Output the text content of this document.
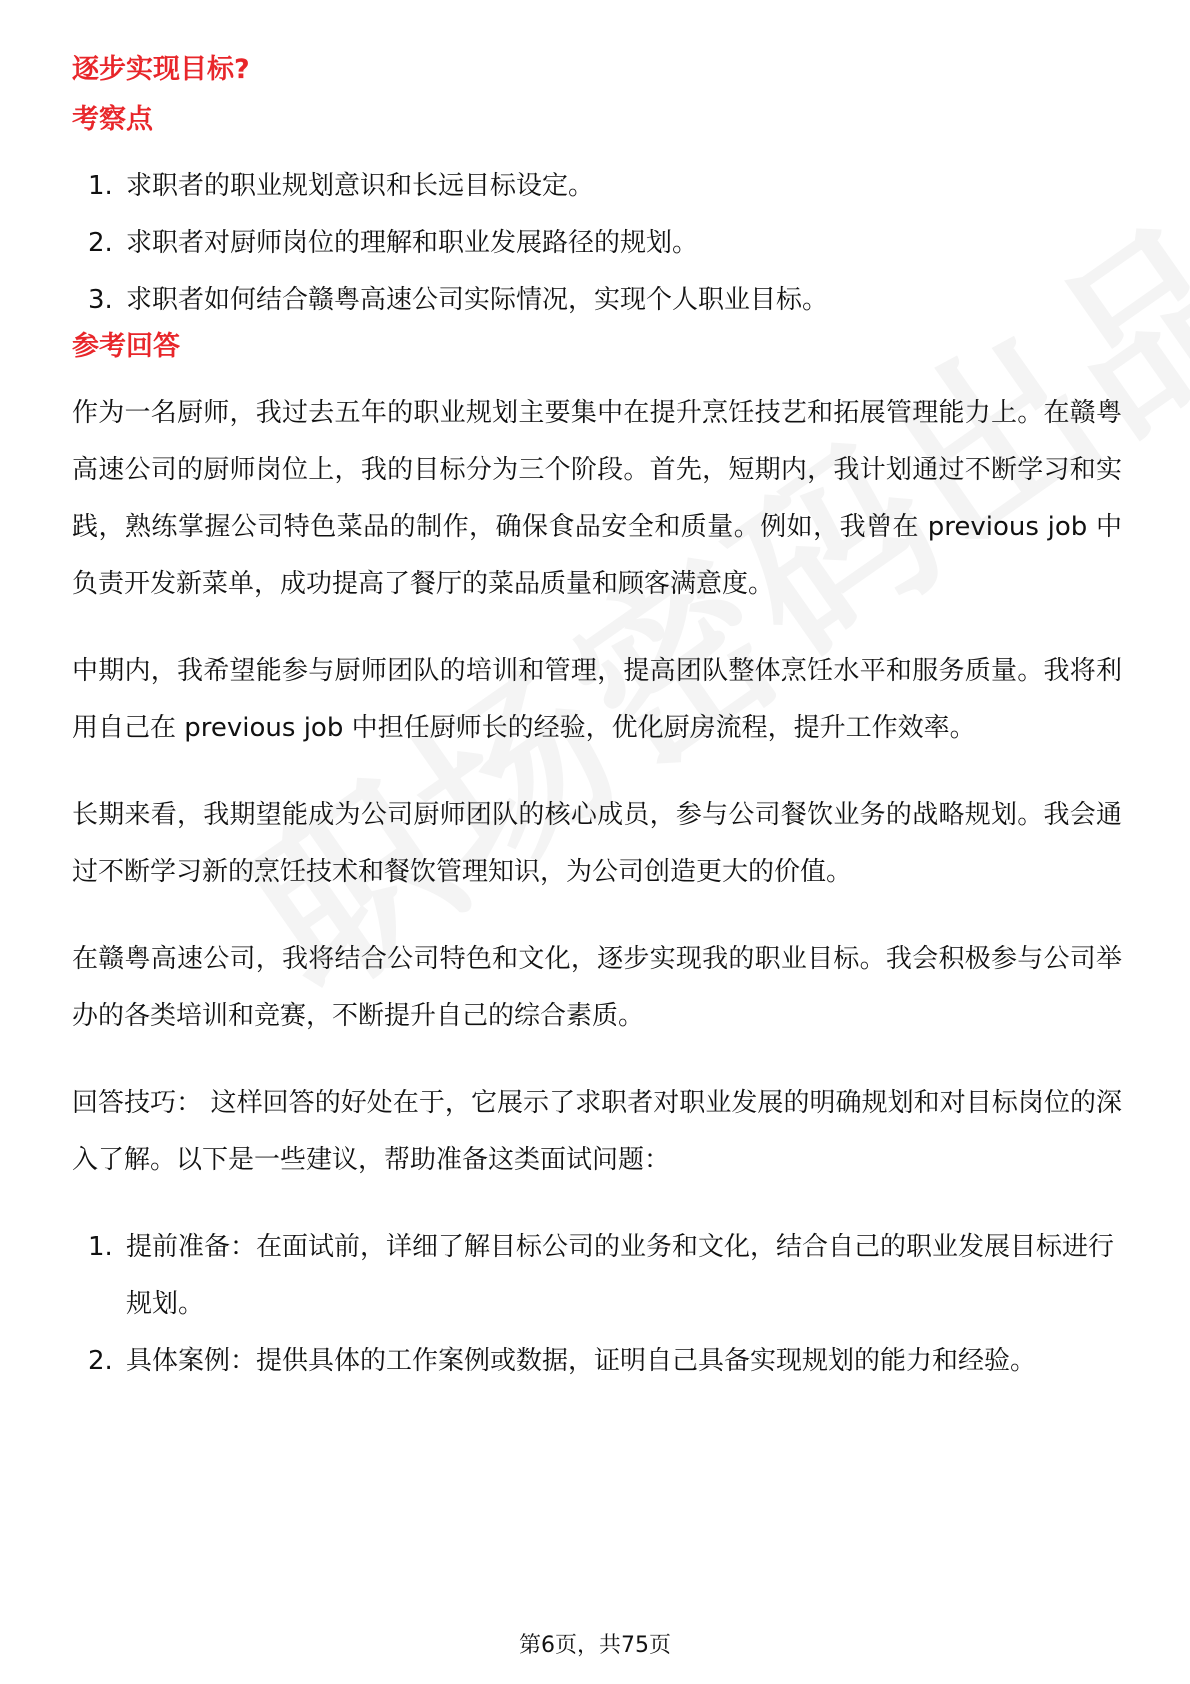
逐步实现目标?
考察点
1. 求职者的职业规划意识和长远目标设定。
2. 求职者对厨师岗位的理解和职业发展路径的规划。
3. 求职者如何结合赣粤高速公司实际情况，实现个人职业目标。
参考回答

作为一名厨师，我过去五年的职业规划主要集中在提升烹饪技艺和拓展管理能力上。在赣粤高速公司的厨师岗位上，我的目标分为三个阶段。首先，短期内，我计划通过不断学习和实践，熟练掌握公司特色菜品的制作，确保食品安全和质量。例如，我曾在 previous job 中负责开发新菜单，成功提高了餐厅的菜品质量和顾客满意度。

中期内，我希望能参与厨师团队的培训和管理，提高团队整体烹饪水平和服务质量。我将利用自己在 previous job 中担任厨师长的经验，优化厨房流程，提升工作效率。

长期来看，我期望能成为公司厨师团队的核心成员，参与公司餐饮业务的战略规划。我会通过不断学习新的烹饪技术和餐饮管理知识，为公司创造更大的价值。

在赣粤高速公司，我将结合公司特色和文化，逐步实现我的职业目标。我会积极参与公司举办的各类培训和竞赛，不断提升自己的综合素质。

回答技巧： 这样回答的好处在于，它展示了求职者对职业发展的明确规划和对目标岗位的深入了解。以下是一些建议，帮助准备这类面试问题：

1. 提前准备：在面试前，详细了解目标公司的业务和文化，结合自己的职业发展目标进行规划。
2. 具体案例：提供具体的工作案例或数据，证明自己具备实现规划的能力和经验。
第6页，共75页
